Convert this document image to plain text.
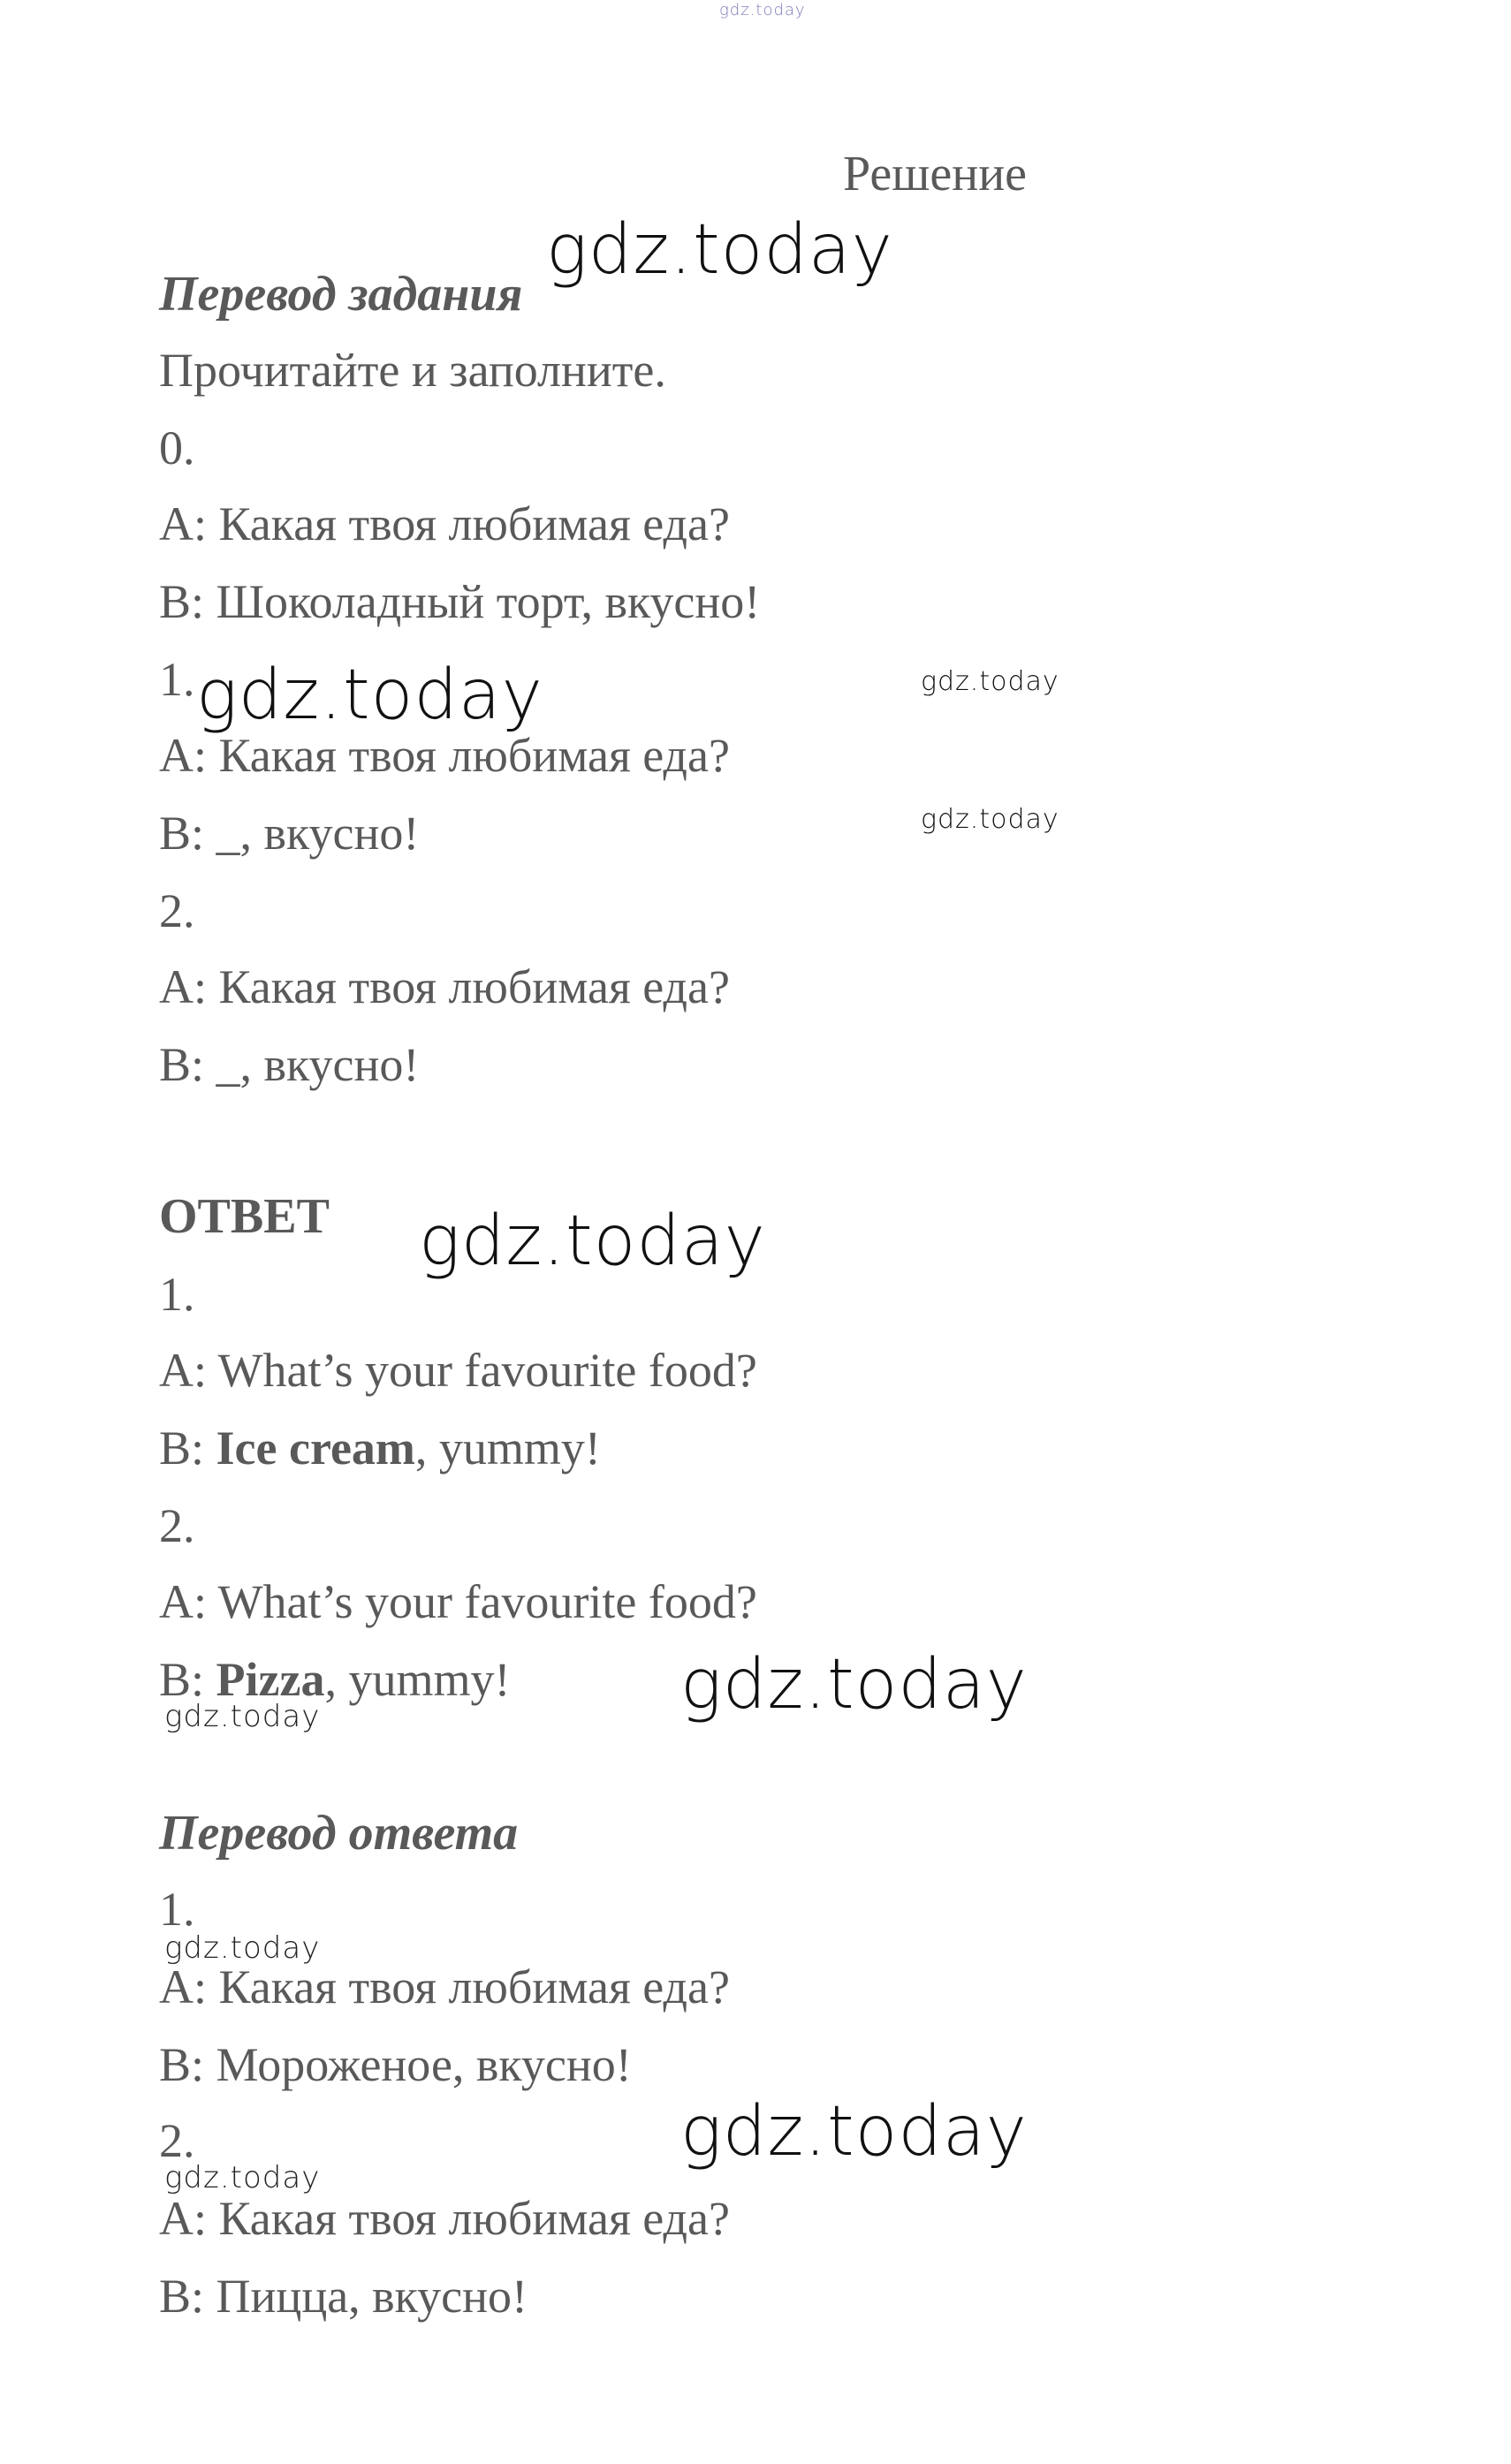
gdz.today
Решение
Перевод задания
Прочитайте и заполните.
0.
A: Какая твоя любимая еда?
B: Шоколадный торт, вкусно!
1.
A: Какая твоя любимая еда?
B: _, вкусно!
2.
A: Какая твоя любимая еда?
B: _, вкусно!
ОТВЕТ
1.
A: What’s your favourite food?
B: Ice cream, yummy!
2.
A: What’s your favourite food?
B: Pizza, yummy!
Перевод ответа
1.
A: Какая твоя любимая еда?
B: Мороженое, вкусно!
2.
A: Какая твоя любимая еда?
B: Пицца, вкусно!
gdz.today
gdz.today	gdz.today
gdz.today
gdz.today
gdz.today
gdz.today
gdz.today
gdz.today
gdz.today
